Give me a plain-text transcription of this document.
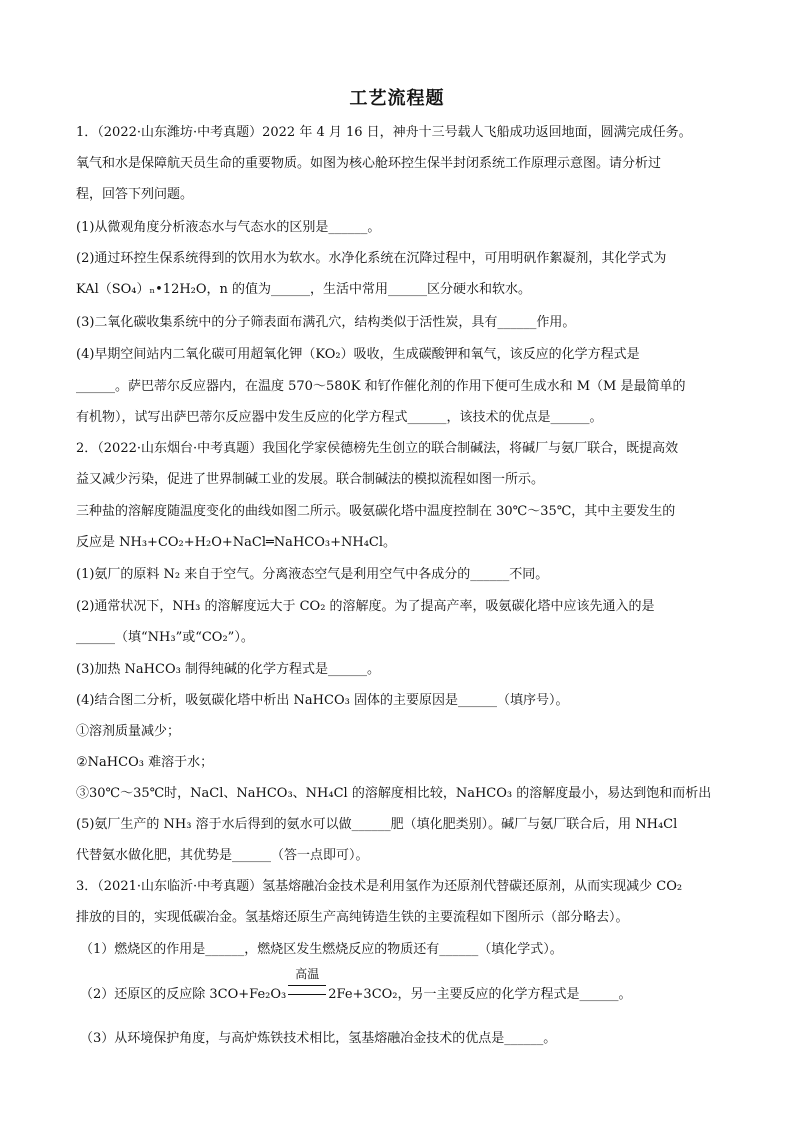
工艺流程题
1．（2022·山东潍坊·中考真题）2022 年 4 月 16 日，神舟十三号载人飞船成功返回地面，圆满完成任务。
氧气和水是保障航天员生命的重要物质。如图为核心舱环控生保半封闭系统工作原理示意图。请分析过
程，回答下列问题。
(1)从微观角度分析液态水与气态水的区别是______。
(2)通过环控生保系统得到的饮用水为软水。水净化系统在沉降过程中，可用明矾作絮凝剂，其化学式为
KAl（SO₄）ₙ•12H₂O，n 的值为______，生活中常用______区分硬水和软水。
(3)二氧化碳收集系统中的分子筛表面布满孔穴，结构类似于活性炭，具有______作用。
(4)早期空间站内二氧化碳可用超氧化钾（KO₂）吸收，生成碳酸钾和氧气，该反应的化学方程式是
______。萨巴蒂尔反应器内，在温度 570～580K 和钌作催化剂的作用下便可生成水和 M（M 是最简单的
有机物），试写出萨巴蒂尔反应器中发生反应的化学方程式______，该技术的优点是______。
2．（2022·山东烟台·中考真题）我国化学家侯德榜先生创立的联合制碱法，将碱厂与氨厂联合，既提高效
益又减少污染，促进了世界制碱工业的发展。联合制碱法的模拟流程如图一所示。
三种盐的溶解度随温度变化的曲线如图二所示。吸氨碳化塔中温度控制在 30℃～35℃，其中主要发生的
反应是 NH₃+CO₂+H₂O+NaCl═NaHCO₃+NH₄Cl。
(1)氨厂的原料 N₂ 来自于空气。分离液态空气是利用空气中各成分的______不同。
(2)通常状况下，NH₃ 的溶解度远大于 CO₂ 的溶解度。为了提高产率，吸氨碳化塔中应该先通入的是
______（填“NH₃”或“CO₂”）。
(3)加热 NaHCO₃ 制得纯碱的化学方程式是______。
(4)结合图二分析，吸氨碳化塔中析出 NaHCO₃ 固体的主要原因是______（填序号）。
①溶剂质量减少；
②NaHCO₃ 难溶于水；
③30℃～35℃时，NaCl、NaHCO₃、NH₄Cl 的溶解度相比较，NaHCO₃ 的溶解度最小，易达到饱和而析出
(5)氨厂生产的 NH₃ 溶于水后得到的氨水可以做______肥（填化肥类别）。碱厂与氨厂联合后，用 NH₄Cl
代替氨水做化肥，其优势是______（答一点即可）。
3．（2021·山东临沂·中考真题）氢基熔融冶金技术是利用氢作为还原剂代替碳还原剂，从而实现减少 CO₂
排放的目的，实现低碳冶金。氢基熔还原生产高纯铸造生铁的主要流程如下图所示（部分略去）。
（1）燃烧区的作用是______，燃烧区发生燃烧反应的物质还有______（填化学式）。
（2）还原区的反应除 3CO+Fe₂O₃
高温
2Fe+3CO₂，另一主要反应的化学方程式是______。
（3）从环境保护角度，与高炉炼铁技术相比，氢基熔融冶金技术的优点是______。
